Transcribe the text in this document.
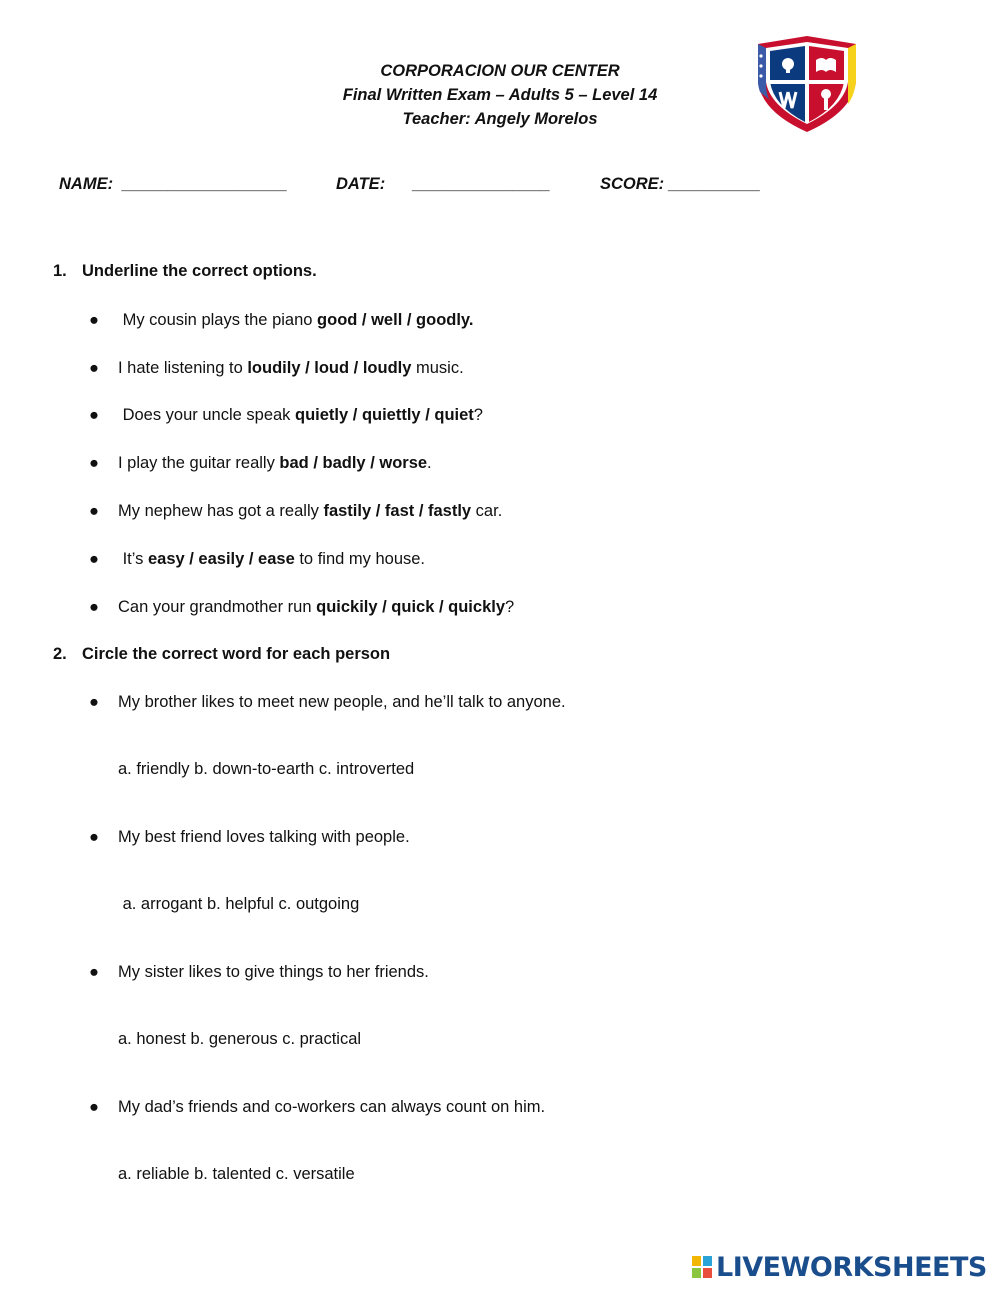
CORPORACION OUR CENTER
Final Written Exam – Adults 5 – Level 14
Teacher: Angely Morelos
NAME:  __________________	DATE:      _______________	SCORE: __________
1. Underline the correct options.
● My cousin plays the piano good / well / goodly.
● I hate listening to loudily / loud / loudly music.
● Does your uncle speak quietly / quiettly / quiet?
● I play the guitar really bad / badly / worse.
● My nephew has got a really fastily / fast / fastly car.
● It’s easy / easily / ease to find my house.
● Can your grandmother run quickily / quick / quickly?
2. Circle the correct word for each person
● My brother likes to meet new people, and he’ll talk to anyone.
a. friendly b. down-to-earth c. introverted
● My best friend loves talking with people.
a. arrogant b. helpful c. outgoing
● My sister likes to give things to her friends.
a. honest b. generous c. practical
● My dad’s friends and co-workers can always count on him.
a. reliable b. talented c. versatile
LIVEWORKSHEETS
